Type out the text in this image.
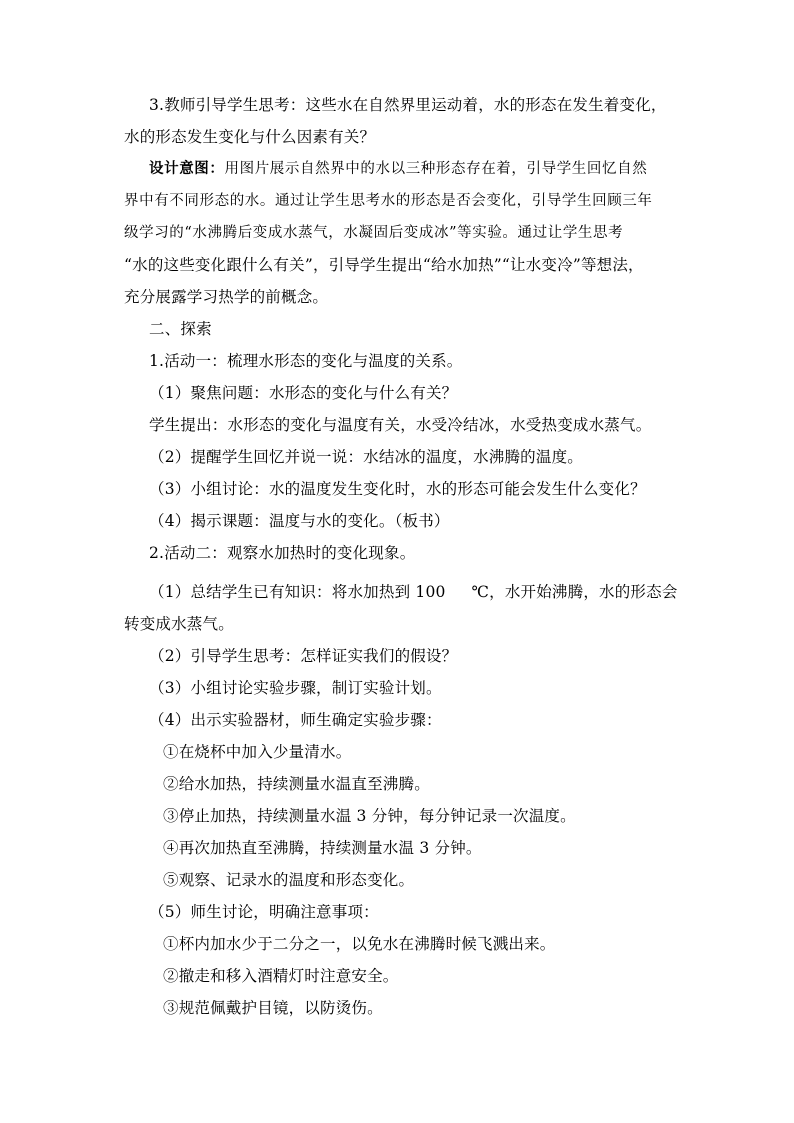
3.教师引导学生思考：这些水在自然界里运动着，水的形态在发生着变化，
水的形态发生变化与什么因素有关？
设计意图：用图片展示自然界中的水以三种形态存在着，引导学生回忆自然
界中有不同形态的水。通过让学生思考水的形态是否会变化，引导学生回顾三年
级学习的“水沸腾后变成水蒸气，水凝固后变成冰”等实验。通过让学生思考
“水的这些变化跟什么有关”，引导学生提出“给水加热”“让水变冷”等想法，
充分展露学习热学的前概念。
二、探索
1.活动一：梳理水形态的变化与温度的关系。
（1）聚焦问题：水形态的变化与什么有关？
学生提出：水形态的变化与温度有关，水受冷结冰，水受热变成水蒸气。
（2）提醒学生回忆并说一说：水结冰的温度，水沸腾的温度。
（3）小组讨论：水的温度发生变化时，水的形态可能会发生什么变化？
（4）揭示课题：温度与水的变化。（板书）
2.活动二：观察水加热时的变化现象。
（1）总结学生已有知识：将水加热到 100 ℃，水开始沸腾，水的形态会
转变成水蒸气。
（2）引导学生思考：怎样证实我们的假设？
（3）小组讨论实验步骤，制订实验计划。
（4）出示实验器材，师生确定实验步骤：
①在烧杯中加入少量清水。
②给水加热，持续测量水温直至沸腾。
③停止加热，持续测量水温 3 分钟，每分钟记录一次温度。
④再次加热直至沸腾，持续测量水温 3 分钟。
⑤观察、记录水的温度和形态变化。
（5）师生讨论，明确注意事项：
①杯内加水少于二分之一，以免水在沸腾时候飞溅出来。
②撤走和移入酒精灯时注意安全。
③规范佩戴护目镜，以防烫伤。
